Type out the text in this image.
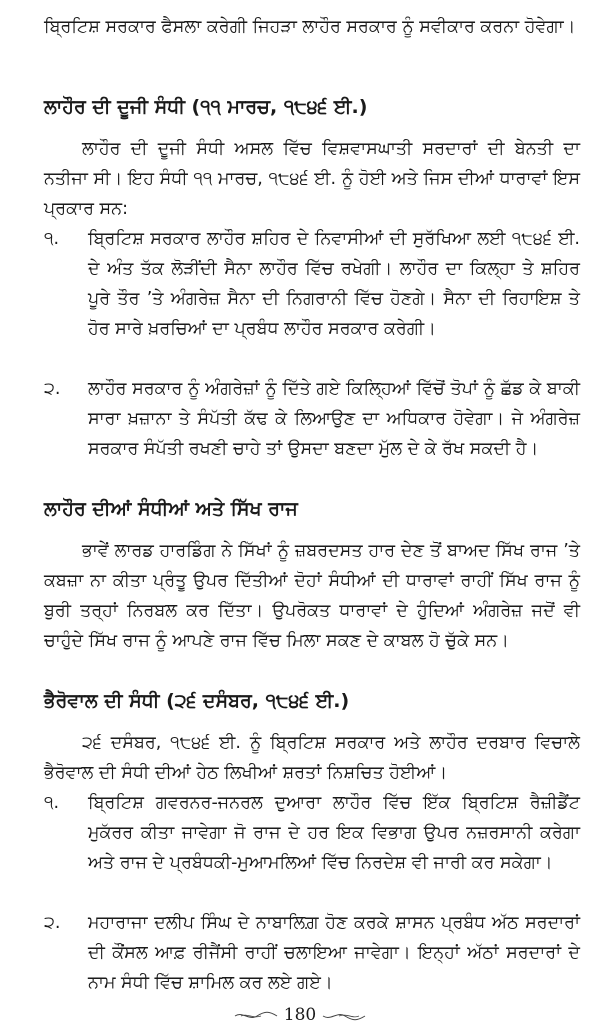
ਬ੍ਰਿਟਿਸ਼ ਸਰਕਾਰ ਫੈਸਲਾ ਕਰੇਗੀ ਜਿਹੜਾ ਲਾਹੌਰ ਸਰਕਾਰ ਨੂੰ ਸਵੀਕਾਰ ਕਰਨਾ ਹੋਵੇਗਾ।

ਲਾਹੌਰ ਦੀ ਦੂਜੀ ਸੰਧੀ (੧੧ ਮਾਰਚ, ੧੮੪੬ ਈ.)

ਲਾਹੌਰ ਦੀ ਦੂਜੀ ਸੰਧੀ ਅਸਲ ਵਿੱਚ ਵਿਸ਼ਵਾਸਘਾਤੀ ਸਰਦਾਰਾਂ ਦੀ ਬੇਨਤੀ ਦਾ ਨਤੀਜਾ ਸੀ। ਇਹ ਸੰਧੀ ੧੧ ਮਾਰਚ, ੧੮੪੬ ਈ. ਨੂੰ ਹੋਈ ਅਤੇ ਜਿਸ ਦੀਆਂ ਧਾਰਾਵਾਂ ਇਸ ਪ੍ਰਕਾਰ ਸਨ:

੧.	ਬ੍ਰਿਟਿਸ਼ ਸਰਕਾਰ ਲਾਹੌਰ ਸ਼ਹਿਰ ਦੇ ਨਿਵਾਸੀਆਂ ਦੀ ਸੁਰੱਖਿਆ ਲਈ ੧੮੪੬ ਈ. ਦੇ ਅੰਤ ਤੱਕ ਲੋੜੀਂਦੀ ਸੈਨਾ ਲਾਹੌਰ ਵਿੱਚ ਰਖੇਗੀ। ਲਾਹੌਰ ਦਾ ਕਿਲ੍ਹਾ ਤੇ ਸ਼ਹਿਰ ਪੂਰੇ ਤੌਰ ’ਤੇ ਅੰਗਰੇਜ਼ ਸੈਨਾ ਦੀ ਨਿਗਰਾਨੀ ਵਿੱਚ ਹੋਣਗੇ। ਸੈਨਾ ਦੀ ਰਿਹਾਇਸ਼ ਤੇ ਹੋਰ ਸਾਰੇ ਖ਼ਰਚਿਆਂ ਦਾ ਪ੍ਰਬੰਧ ਲਾਹੌਰ ਸਰਕਾਰ ਕਰੇਗੀ।

੨.	ਲਾਹੌਰ ਸਰਕਾਰ ਨੂੰ ਅੰਗਰੇਜ਼ਾਂ ਨੂੰ ਦਿੱਤੇ ਗਏ ਕਿਲ੍ਹਿਆਂ ਵਿੱਚੋਂ ਤੋਪਾਂ ਨੂੰ ਛੱਡ ਕੇ ਬਾਕੀ ਸਾਰਾ ਖ਼ਜ਼ਾਨਾ ਤੇ ਸੰਪੱਤੀ ਕੱਢ ਕੇ ਲਿਆਉਣ ਦਾ ਅਧਿਕਾਰ ਹੋਵੇਗਾ। ਜੇ ਅੰਗਰੇਜ਼ ਸਰਕਾਰ ਸੰਪੱਤੀ ਰਖਣੀ ਚਾਹੇ ਤਾਂ ਉਸਦਾ ਬਣਦਾ ਮੁੱਲ ਦੇ ਕੇ ਰੱਖ ਸਕਦੀ ਹੈ।

ਲਾਹੌਰ ਦੀਆਂ ਸੰਧੀਆਂ ਅਤੇ ਸਿੱਖ ਰਾਜ

ਭਾਵੇਂ ਲਾਰਡ ਹਾਰਡਿੰਗ ਨੇ ਸਿੱਖਾਂ ਨੂੰ ਜ਼ਬਰਦਸਤ ਹਾਰ ਦੇਣ ਤੋਂ ਬਾਅਦ ਸਿੱਖ ਰਾਜ ’ਤੇ ਕਬਜ਼ਾ ਨਾ ਕੀਤਾ ਪ੍ਰੰਤੂ ਉਪਰ ਦਿੱਤੀਆਂ ਦੋਹਾਂ ਸੰਧੀਆਂ ਦੀ ਧਾਰਾਵਾਂ ਰਾਹੀਂ ਸਿੱਖ ਰਾਜ ਨੂੰ ਬੁਰੀ ਤਰ੍ਹਾਂ ਨਿਰਬਲ ਕਰ ਦਿੱਤਾ। ਉਪਰੋਕਤ ਧਾਰਾਵਾਂ ਦੇ ਹੁੰਦਿਆਂ ਅੰਗਰੇਜ਼ ਜਦੋਂ ਵੀ ਚਾਹੁੰਦੇ ਸਿੱਖ ਰਾਜ ਨੂੰ ਆਪਣੇ ਰਾਜ ਵਿੱਚ ਮਿਲਾ ਸਕਣ ਦੇ ਕਾਬਲ ਹੋ ਚੁੱਕੇ ਸਨ।

ਭੈਰੋਵਾਲ ਦੀ ਸੰਧੀ (੨੬ ਦਸੰਬਰ, ੧੮੪੬ ਈ.)

੨੬ ਦਸੰਬਰ, ੧੮੪੬ ਈ. ਨੂੰ ਬ੍ਰਿਟਿਸ਼ ਸਰਕਾਰ ਅਤੇ ਲਾਹੌਰ ਦਰਬਾਰ ਵਿਚਾਲੇ ਭੈਰੋਵਾਲ ਦੀ ਸੰਧੀ ਦੀਆਂ ਹੇਠ ਲਿਖੀਆਂ ਸ਼ਰਤਾਂ ਨਿਸ਼ਚਿਤ ਹੋਈਆਂ।

੧.	ਬ੍ਰਿਟਿਸ਼ ਗਵਰਨਰ-ਜਨਰਲ ਦੁਆਰਾ ਲਾਹੌਰ ਵਿੱਚ ਇੱਕ ਬ੍ਰਿਟਿਸ਼ ਰੈਜ਼ੀਡੈਂਟ ਮੁਕੱਰਰ ਕੀਤਾ ਜਾਵੇਗਾ ਜੋ ਰਾਜ ਦੇ ਹਰ ਇਕ ਵਿਭਾਗ ਉਪਰ ਨਜ਼ਰਸਾਨੀ ਕਰੇਗਾ ਅਤੇ ਰਾਜ ਦੇ ਪ੍ਰਬੰਧਕੀ-ਮੁਆਮਲਿਆਂ ਵਿੱਚ ਨਿਰਦੇਸ਼ ਵੀ ਜਾਰੀ ਕਰ ਸਕੇਗਾ।

੨.	ਮਹਾਰਾਜਾ ਦਲੀਪ ਸਿੰਘ ਦੇ ਨਾਬਾਲਿਗ਼ ਹੋਣ ਕਰਕੇ ਸ਼ਾਸਨ ਪ੍ਰਬੰਧ ਅੱਠ ਸਰਦਾਰਾਂ ਦੀ ਕੌਂਸਲ ਆਫ਼ ਰੀਜੈਂਸੀ ਰਾਹੀਂ ਚਲਾਇਆ ਜਾਵੇਗਾ। ਇਨ੍ਹਾਂ ਅੱਠਾਂ ਸਰਦਾਰਾਂ ਦੇ ਨਾਮ ਸੰਧੀ ਵਿੱਚ ਸ਼ਾਮਿਲ ਕਰ ਲਏ ਗਏ।

180
